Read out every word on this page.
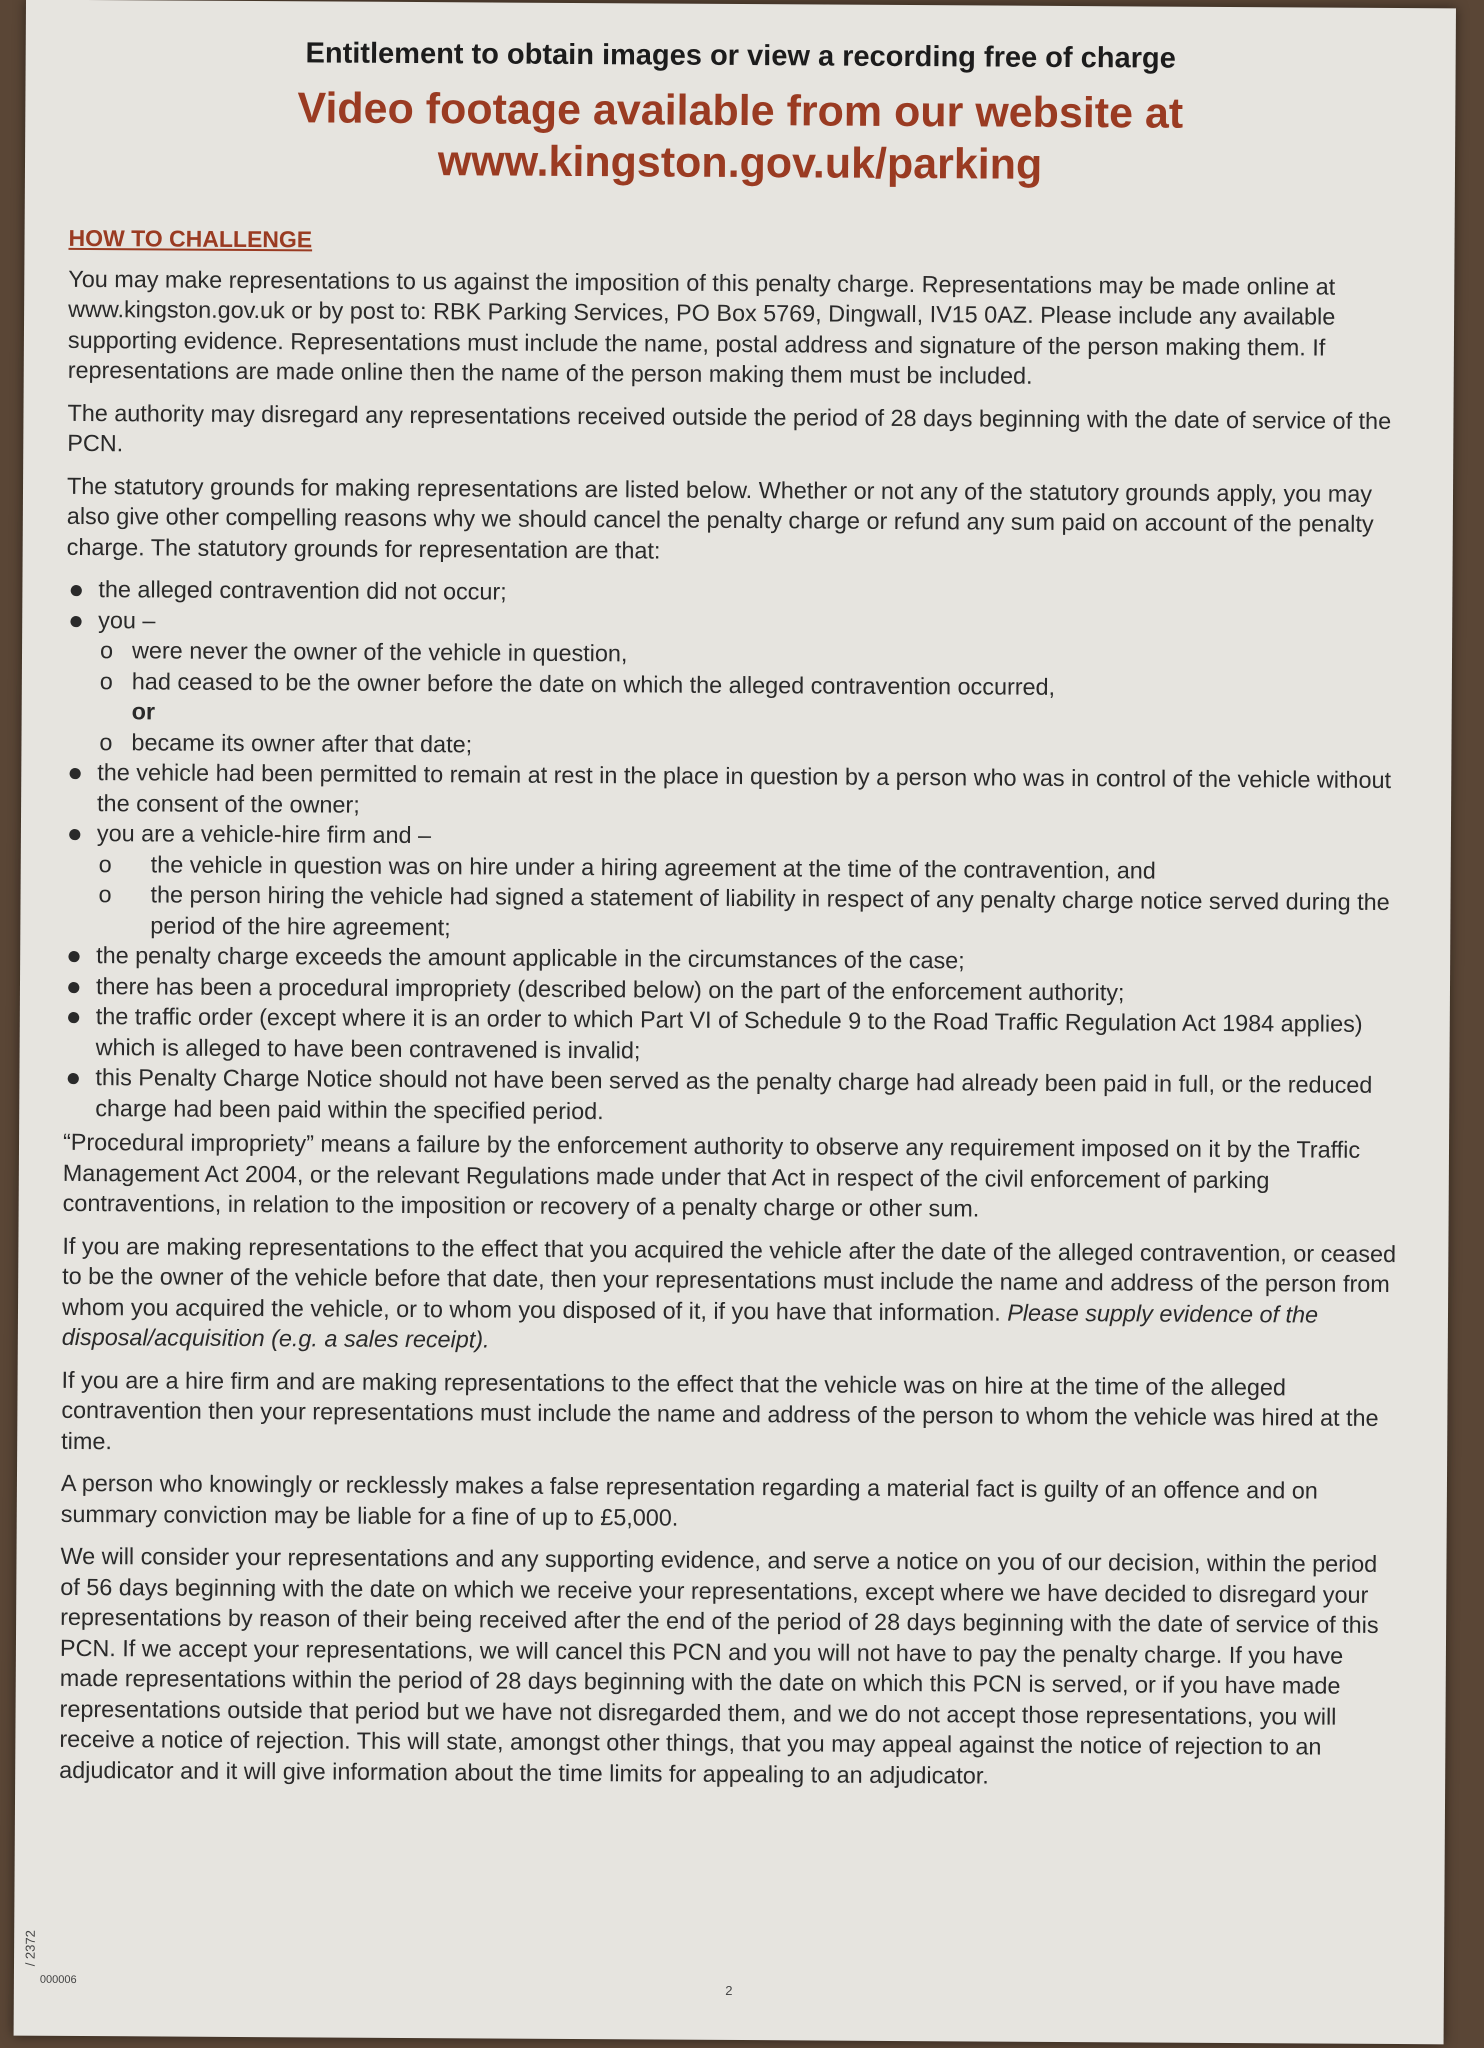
Entitlement to obtain images or view a recording free of charge
Video footage available from our website at
www.kingston.gov.uk/parking
HOW TO CHALLENGE

You may make representations to us against the imposition of this penalty charge. Representations may be made online at www.kingston.gov.uk or by post to: RBK Parking Services, PO Box 5769, Dingwall, IV15 0AZ. Please include any available supporting evidence. Representations must include the name, postal address and signature of the person making them. If representations are made online then the name of the person making them must be included.

The authority may disregard any representations received outside the period of 28 days beginning with the date of service of the PCN.

The statutory grounds for making representations are listed below. Whether or not any of the statutory grounds apply, you may also give other compelling reasons why we should cancel the penalty charge or refund any sum paid on account of the penalty charge. The statutory grounds for representation are that:

● the alleged contravention did not occur;
● you –
o were never the owner of the vehicle in question,
o had ceased to be the owner before the date on which the alleged contravention occurred,
or
o became its owner after that date;
● the vehicle had been permitted to remain at rest in the place in question by a person who was in control of the vehicle without the consent of the owner;
● you are a vehicle-hire firm and –
o the vehicle in question was on hire under a hiring agreement at the time of the contravention, and
o the person hiring the vehicle had signed a statement of liability in respect of any penalty charge notice served during the period of the hire agreement;
● the penalty charge exceeds the amount applicable in the circumstances of the case;
● there has been a procedural impropriety (described below) on the part of the enforcement authority;
● the traffic order (except where it is an order to which Part VI of Schedule 9 to the Road Traffic Regulation Act 1984 applies) which is alleged to have been contravened is invalid;
● this Penalty Charge Notice should not have been served as the penalty charge had already been paid in full, or the reduced charge had been paid within the specified period.

“Procedural impropriety” means a failure by the enforcement authority to observe any requirement imposed on it by the Traffic Management Act 2004, or the relevant Regulations made under that Act in respect of the civil enforcement of parking contraventions, in relation to the imposition or recovery of a penalty charge or other sum.

If you are making representations to the effect that you acquired the vehicle after the date of the alleged contravention, or ceased to be the owner of the vehicle before that date, then your representations must include the name and address of the person from whom you acquired the vehicle, or to whom you disposed of it, if you have that information. Please supply evidence of the disposal/acquisition (e.g. a sales receipt).

If you are a hire firm and are making representations to the effect that the vehicle was on hire at the time of the alleged contravention then your representations must include the name and address of the person to whom the vehicle was hired at the time.

A person who knowingly or recklessly makes a false representation regarding a material fact is guilty of an offence and on summary conviction may be liable for a fine of up to £5,000.

We will consider your representations and any supporting evidence, and serve a notice on you of our decision, within the period of 56 days beginning with the date on which we receive your representations, except where we have decided to disregard your representations by reason of their being received after the end of the period of 28 days beginning with the date of service of this PCN. If we accept your representations, we will cancel this PCN and you will not have to pay the penalty charge. If you have made representations within the period of 28 days beginning with the date on which this PCN is served, or if you have made representations outside that period but we have not disregarded them, and we do not accept those representations, you will receive a notice of rejection. This will state, amongst other things, that you may appeal against the notice of rejection to an adjudicator and it will give information about the time limits for appealing to an adjudicator.

/ 2372
000006
2
